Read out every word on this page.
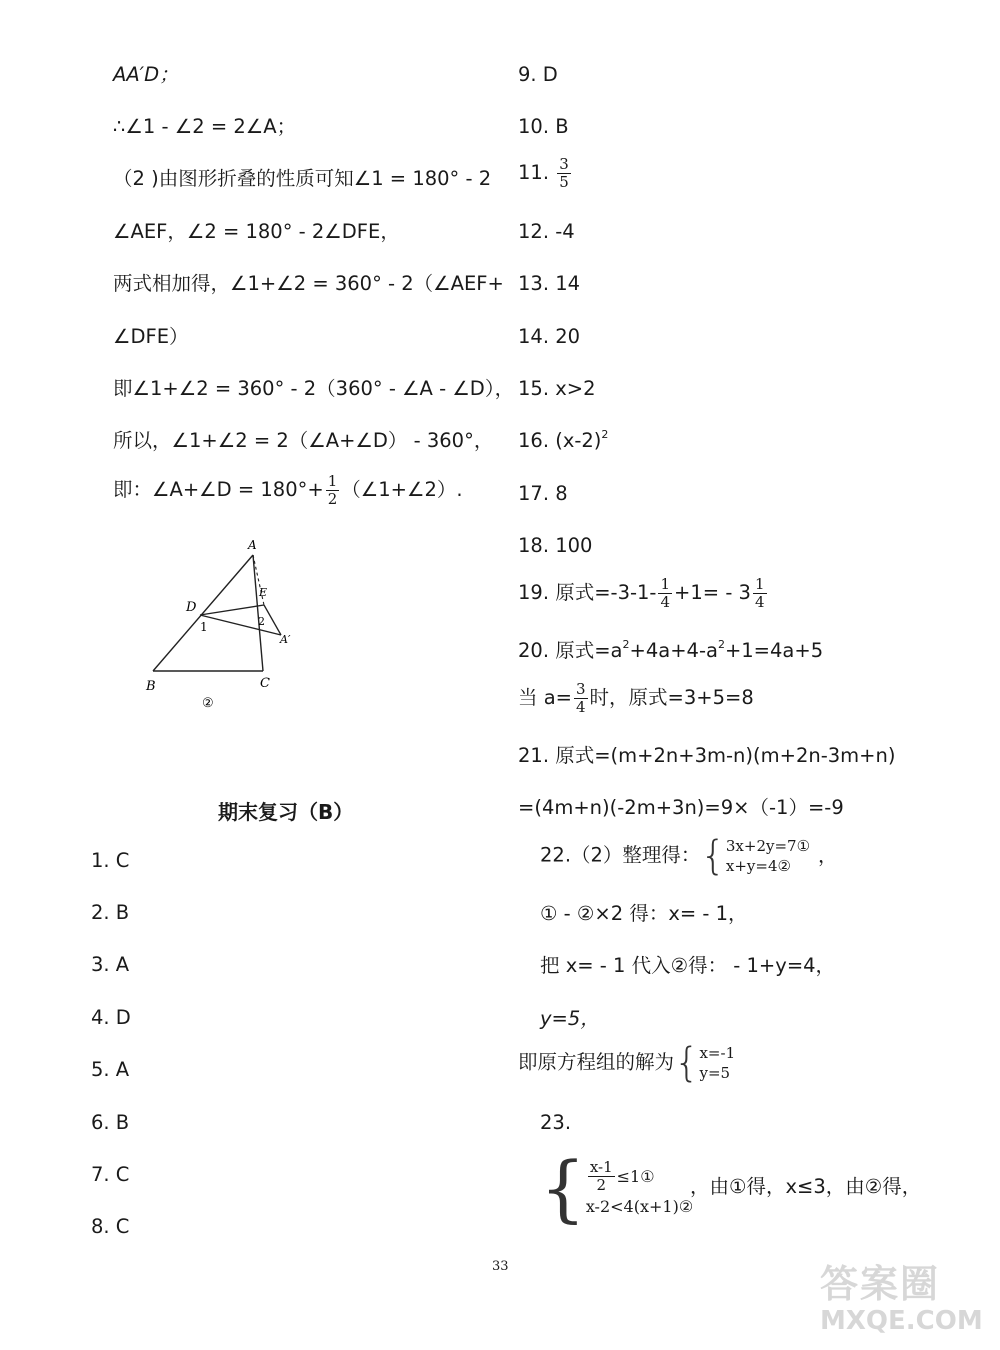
AA′D；
∴∠1 - ∠2 = 2∠A；
（2 )由图形折叠的性质可知∠1 = 180° - 2
∠AEF，∠2 = 180° - 2∠DFE，
两式相加得，∠1+∠2 = 360° - 2（∠AEF+
∠DFE）
即∠1+∠2 = 360° - 2（360° - ∠A - ∠D），
所以，∠1+∠2 = 2（∠A+∠D） - 360°，
即：∠A+∠D = $180^\circ+ \frac{1}{2}$ （∠1+∠2）.
A
D
E
1	2
A′
B	C
②
期末复习（B）
1. C
2. B
3. A
4. D
5. A
6. B
7. C
8. C
9. D
10. B
11. $\frac{3}{5}$
12. -4
13. 14
14. 20
15. x>2
16. $(x-2)^2$
17. 8
18. 100
19. 原式$=-3-1- \frac{1}{4} +1= - 3 \frac{1}{4}$
20. 原式$=a^2+4a+4-a^2+1=4a+5$
当 $a= \frac{3}{4}$ 时，原式=3+5=8
21. 原式=(m+2n+3m-n)(m+2n-3m+n)
=(4m+n)(-2m+3n)=9×（-1）=-9
22.（2）整理得： { 3x+2y=7①
x+y=4②	，
① - ②×2 得：x= - 1，
把 x= - 1 代入②得： - 1+y=4，
y=5，
即原方程组的解为 { x=-1
y=5
23.
{ $\frac{x-1}{2}$ ≤1①
x-2<4(x+1)②
，由①得，x≤3，由②得，
33	答案圈
MXQE.COM
